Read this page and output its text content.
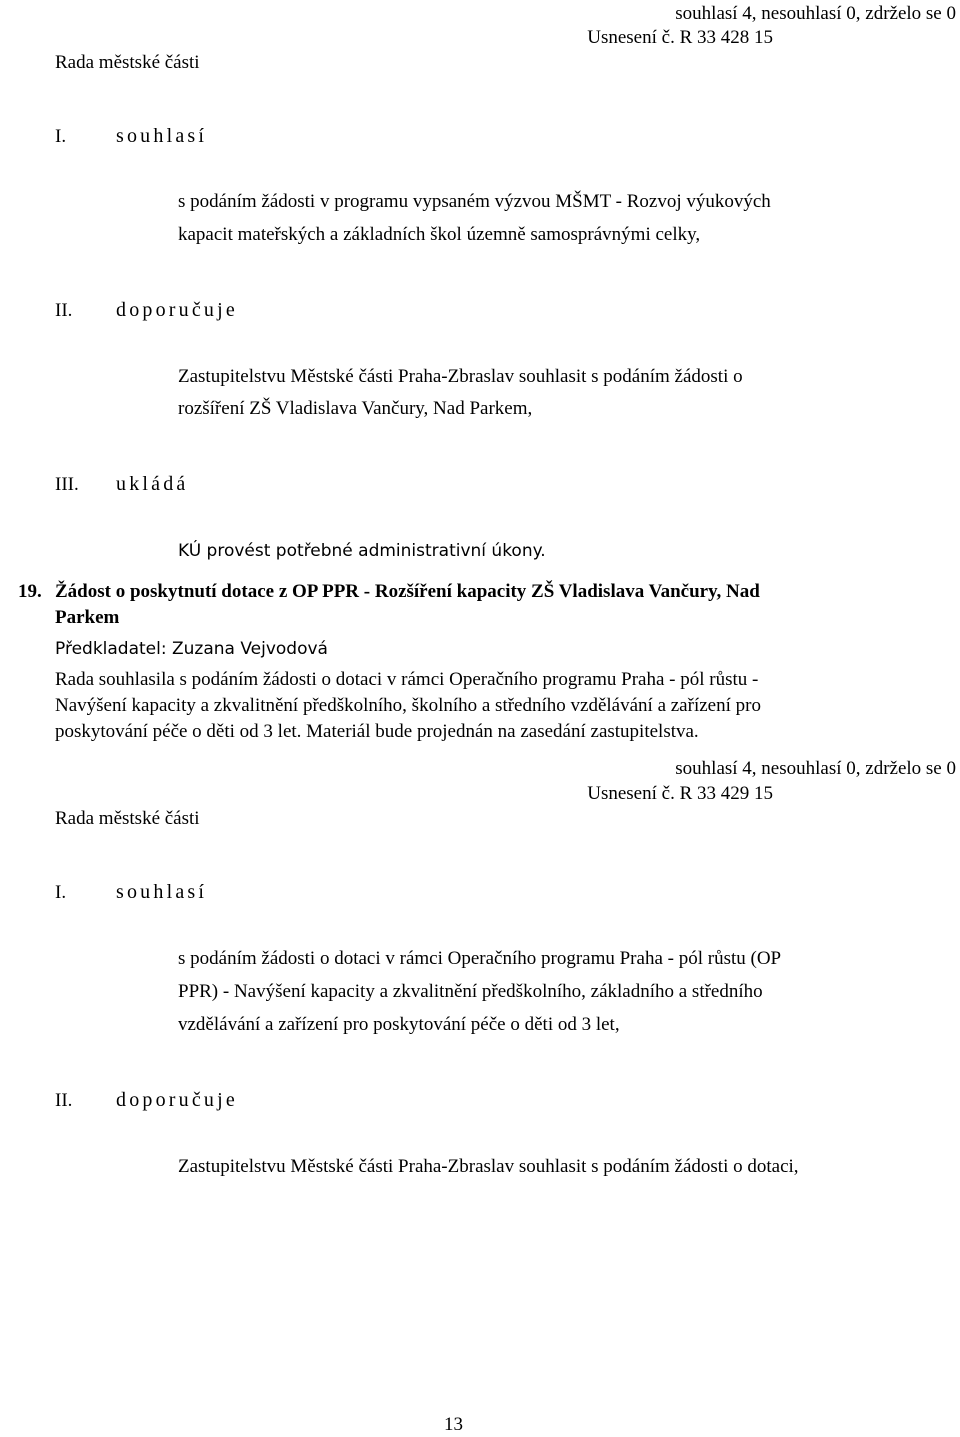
souhlasí 4, nesouhlasí 0, zdrželo se 0
Usnesení č. R 33 428 15
Rada městské části
I. souhlasí
s podáním žádosti v programu vypsaném výzvou MŠMT - Rozvoj výukových
kapacit mateřských a základních škol územně samosprávnými celky,
II. doporučuje
Zastupitelstvu Městské části Praha-Zbraslav souhlasit s podáním žádosti o
rozšíření ZŠ Vladislava Vančury, Nad Parkem,
III. ukládá
KÚ provést potřebné administrativní úkony.
19. Žádost o poskytnutí dotace z OP PPR - Rozšíření kapacity ZŠ Vladislava Vančury, Nad
Parkem
Předkladatel: Zuzana Vejvodová
Rada souhlasila s podáním žádosti o dotaci v rámci Operačního programu Praha - pól růstu -
Navýšení kapacity a zkvalitnění předškolního, školního a středního vzdělávání a zařízení pro
poskytování péče o děti od 3 let. Materiál bude projednán na zasedání zastupitelstva.
souhlasí 4, nesouhlasí 0, zdrželo se 0
Usnesení č. R 33 429 15
Rada městské části
I. souhlasí
s podáním žádosti o dotaci v rámci Operačního programu Praha - pól růstu (OP
PPR) - Navýšení kapacity a zkvalitnění předškolního, základního a středního
vzdělávání a zařízení pro poskytování péče o děti od 3 let,
II. doporučuje
Zastupitelstvu Městské části Praha-Zbraslav souhlasit s podáním žádosti o dotaci,
13
